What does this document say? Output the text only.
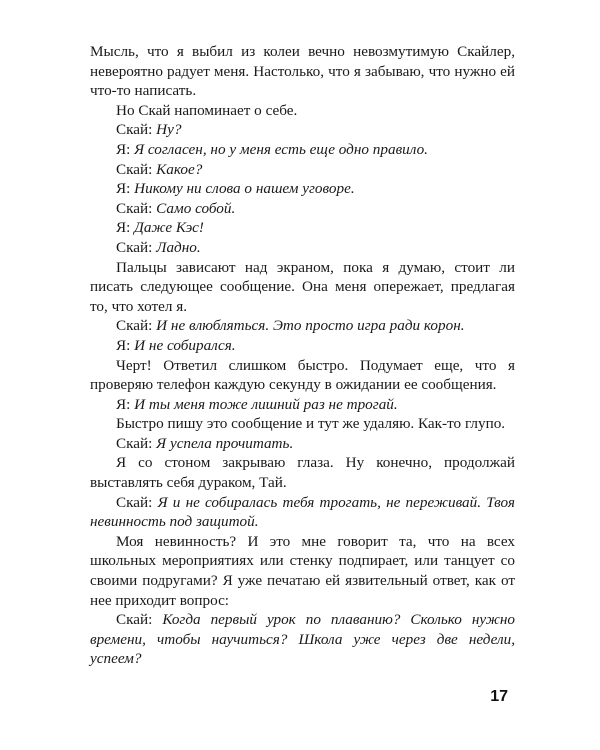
Мысль, что я выбил из колеи вечно невозмутимую Скайлер, невероятно радует меня. Настолько, что я забываю, что нужно ей что-то написать.

Но Скай напоминает о себе.

Скай: Ну?

Я: Я согласен, но у меня есть еще одно правило.

Скай: Какое?

Я: Никому ни слова о нашем уговоре.

Скай: Само собой.

Я: Даже Кэс!

Скай: Ладно.

Пальцы зависают над экраном, пока я думаю, стоит ли писать следующее сообщение. Она меня опережает, предлагая то, что хотел я.

Скай: И не влюбляться. Это просто игра ради корон.

Я: И не собирался.

Черт! Ответил слишком быстро. Подумает еще, что я проверяю телефон каждую секунду в ожидании ее сообщения.

Я: И ты меня тоже лишний раз не трогай.

Быстро пишу это сообщение и тут же удаляю. Как-то глупо.

Скай: Я успела прочитать.

Я со стоном закрываю глаза. Ну конечно, продолжай выставлять себя дураком, Тай.

Скай: Я и не собиралась тебя трогать, не переживай. Твоя невинность под защитой.

Моя невинность? И это мне говорит та, что на всех школьных мероприятиях или стенку подпирает, или танцует со своими подругами? Я уже печатаю ей язвительный ответ, как от нее приходит вопрос:

Скай: Когда первый урок по плаванию? Сколько нужно времени, чтобы научиться? Школа уже через две недели, успеем?

17
